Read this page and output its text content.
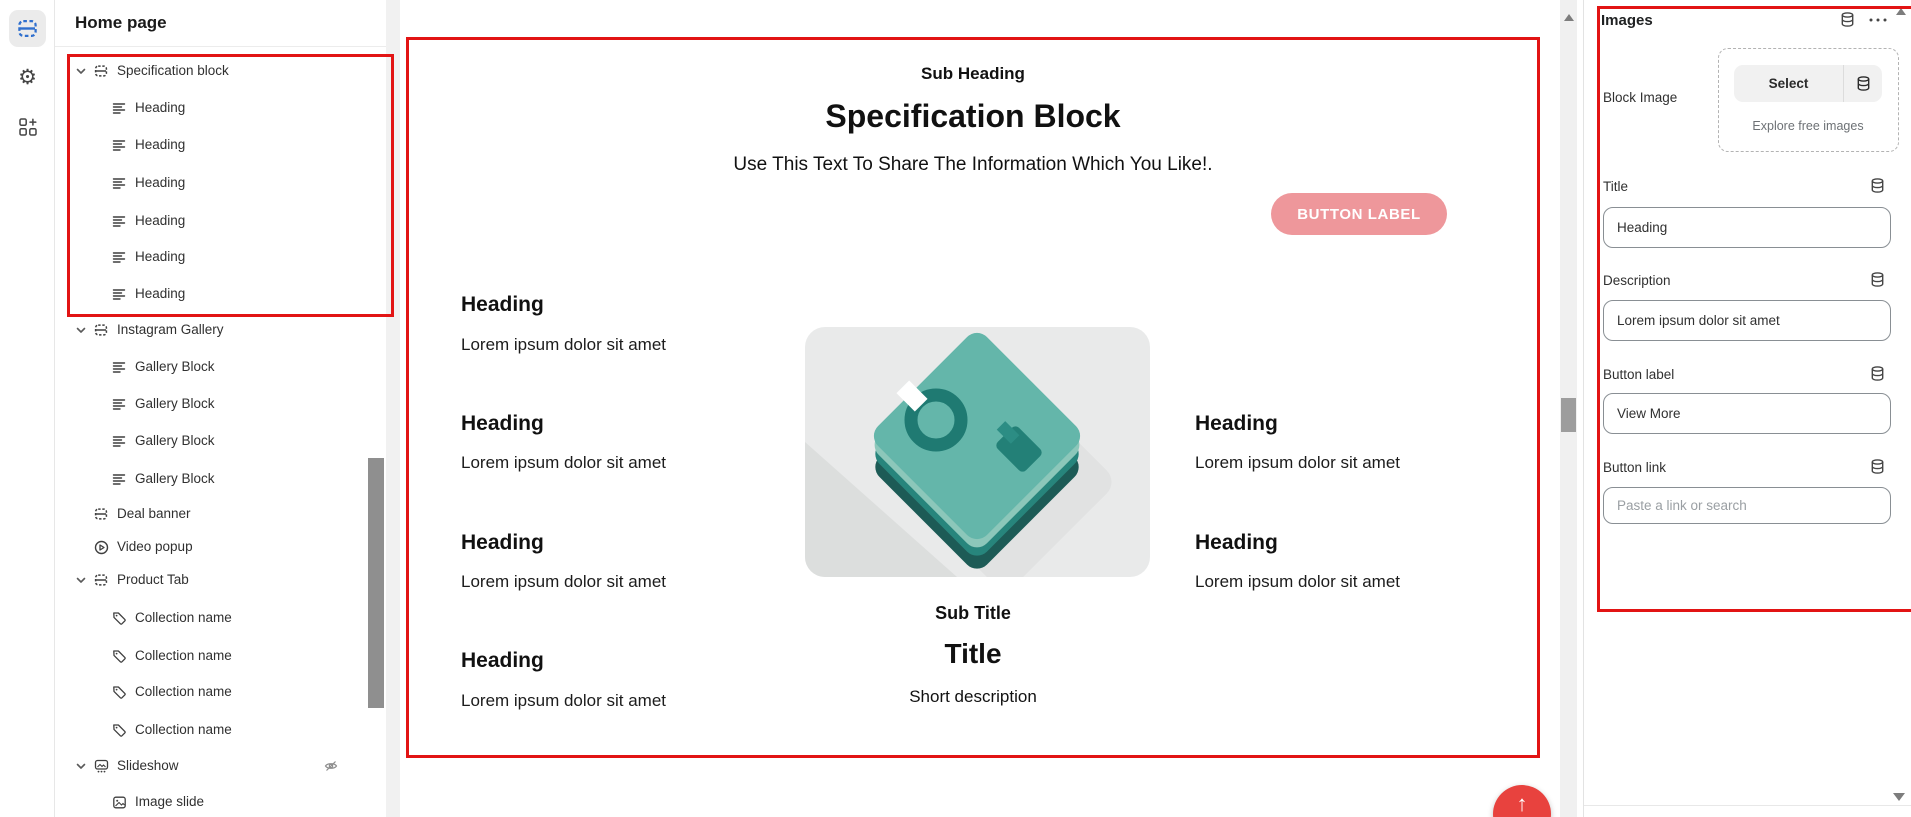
⚙
Home page
Specification block
Heading
Heading
Heading
Heading
Heading
Heading
Instagram Gallery
Gallery Block
Gallery Block
Gallery Block
Gallery Block
Deal banner
Video popup
Product Tab
Collection name
Collection name
Collection name
Collection name
Slideshow
Image slide
Sub Heading
Specification Block
Use This Text To Share The Information Which You Like!.
BUTTON LABEL
Heading
Lorem ipsum dolor sit amet
Heading
Lorem ipsum dolor sit amet
Heading
Lorem ipsum dolor sit amet
Heading
Lorem ipsum dolor sit amet
Heading
Lorem ipsum dolor sit amet
Heading
Lorem ipsum dolor sit amet
Sub Title
Title
Short description
Images
Block Image
Select
Explore free images
Title
Heading
Description
Lorem ipsum dolor sit amet
Button label
View More
Button link
Paste a link or search
↑
